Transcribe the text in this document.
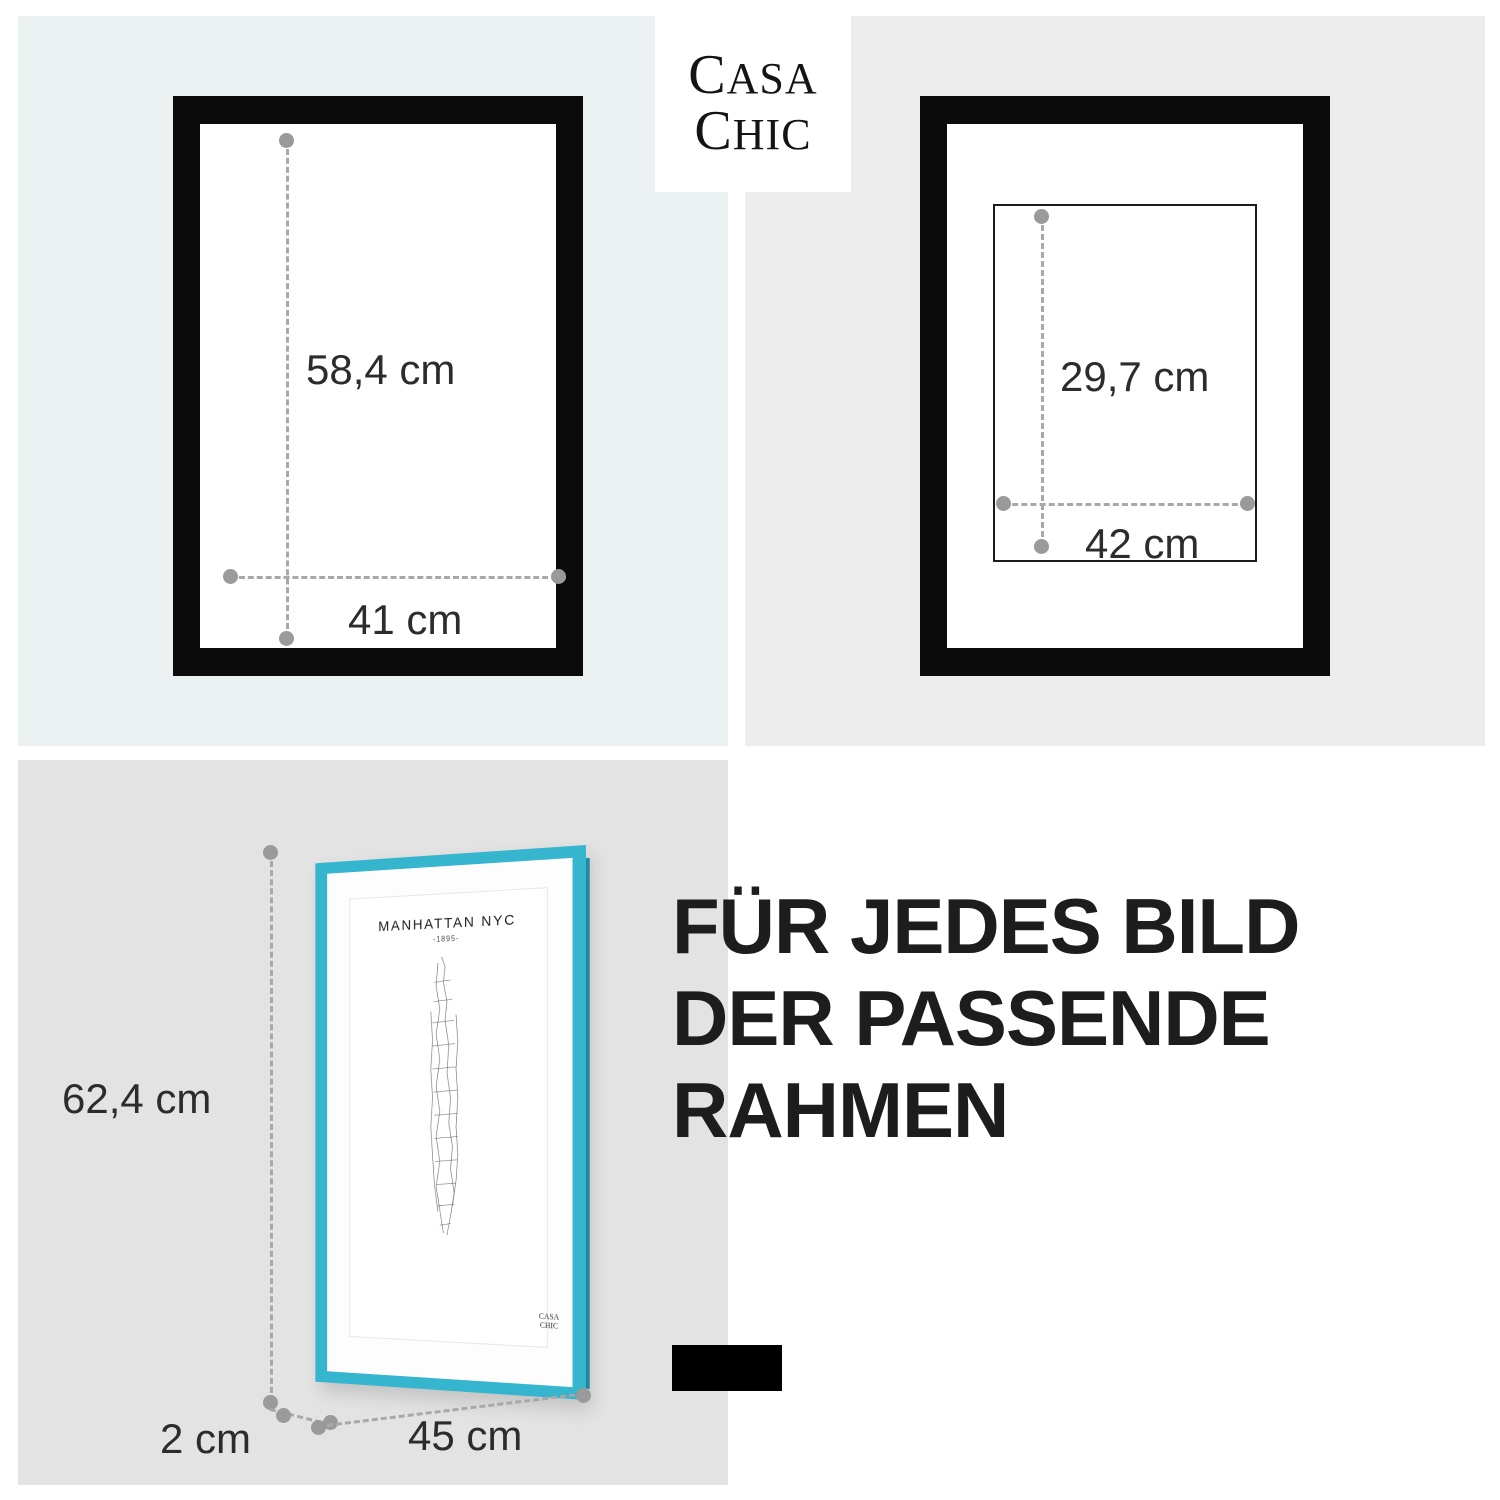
58,4 cm
41 cm
29,7 cm
42 cm
MANHATTAN NYC
-1895-
CASA
CHIC
62,4 cm
2 cm	45 cm
FÜR JEDES BILD
DER PASSENDE
RAHMEN
CASA
CHIC
